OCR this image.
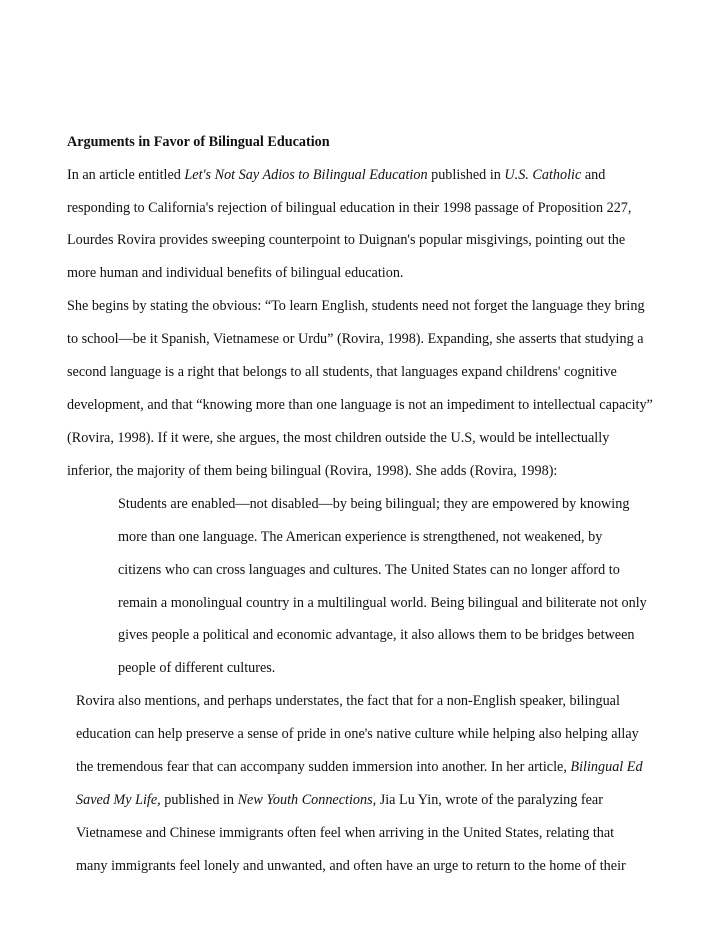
Arguments in Favor of Bilingual Education

In an article entitled Let's Not Say Adios to Bilingual Education published in U.S. Catholic and

responding to California's rejection of bilingual education in their 1998 passage of Proposition 227,

Lourdes Rovira provides sweeping counterpoint to Duignan's popular misgivings, pointing out the

more human and individual benefits of bilingual education.

She begins by stating the obvious: “To learn English, students need not forget the language they bring

to school—be it Spanish, Vietnamese or Urdu” (Rovira, 1998). Expanding, she asserts that studying a

second language is a right that belongs to all students, that languages expand childrens' cognitive

development, and that “knowing more than one language is not an impediment to intellectual capacity”

(Rovira, 1998). If it were, she argues, the most children outside the U.S, would be intellectually

inferior, the majority of them being bilingual (Rovira, 1998). She adds (Rovira, 1998):

Students are enabled—not disabled—by being bilingual; they are empowered by knowing

more than one language. The American experience is strengthened, not weakened, by

citizens who can cross languages and cultures. The United States can no longer afford to

remain a monolingual country in a multilingual world. Being bilingual and biliterate not only

gives people a political and economic advantage, it also allows them to be bridges between

people of different cultures.

Rovira also mentions, and perhaps understates, the fact that for a non-English speaker, bilingual

education can help preserve a sense of pride in one's native culture while helping also helping allay

the tremendous fear that can accompany sudden immersion into another. In her article, Bilingual Ed

Saved My Life, published in New Youth Connections, Jia Lu Yin, wrote of the paralyzing fear

Vietnamese and Chinese immigrants often feel when arriving in the United States, relating that

many immigrants feel lonely and unwanted, and often have an urge to return to the home of their
